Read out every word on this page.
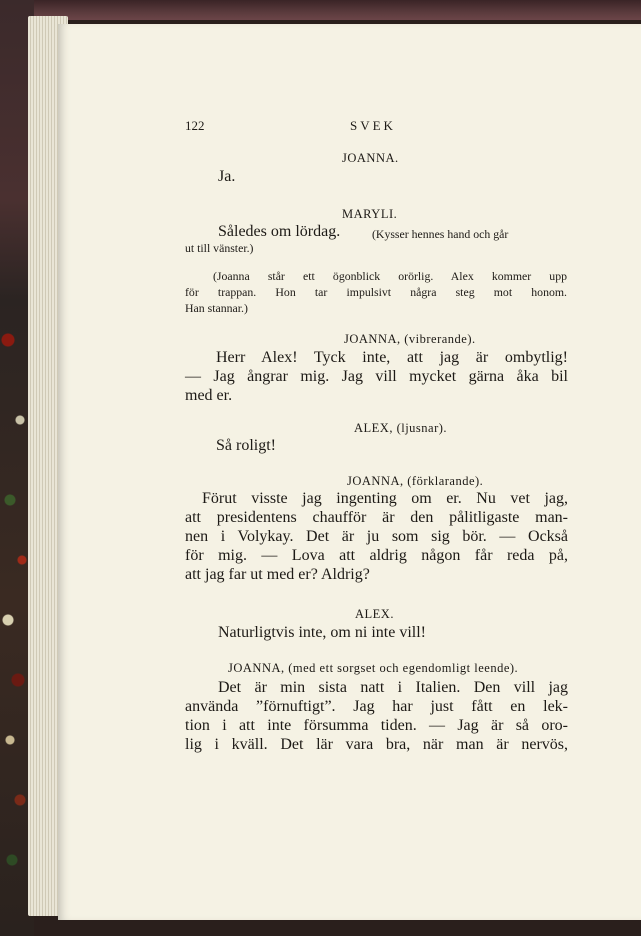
122	SVEK
JOANNA.
Ja.
MARYLI.
Således om lördag.	(Kysser hennes hand och går
ut till vänster.)
(Joanna står ett ögonblick orörlig. Alex kommer upp
för trappan. Hon tar impulsivt några steg mot honom.
Han stannar.)
JOANNA, (vibrerande).
Herr Alex! Tyck inte, att jag är ombytlig!
— Jag ångrar mig. Jag vill mycket gärna åka bil
med er.
ALEX, (ljusnar).
Så roligt!
JOANNA, (förklarande).
Förut visste jag ingenting om er. Nu vet jag,
att presidentens chaufför är den pålitligaste man-
nen i Volykay. Det är ju som sig bör. — Också
för mig. — Lova att aldrig någon får reda på,
att jag far ut med er? Aldrig?
ALEX.
Naturligtvis inte, om ni inte vill!
JOANNA, (med ett sorgset och egendomligt leende).
Det är min sista natt i Italien. Den vill jag
använda ”förnuftigt”. Jag har just fått en lek-
tion i att inte försumma tiden. — Jag är så oro-
lig i kväll. Det lär vara bra, när man är nervös,
